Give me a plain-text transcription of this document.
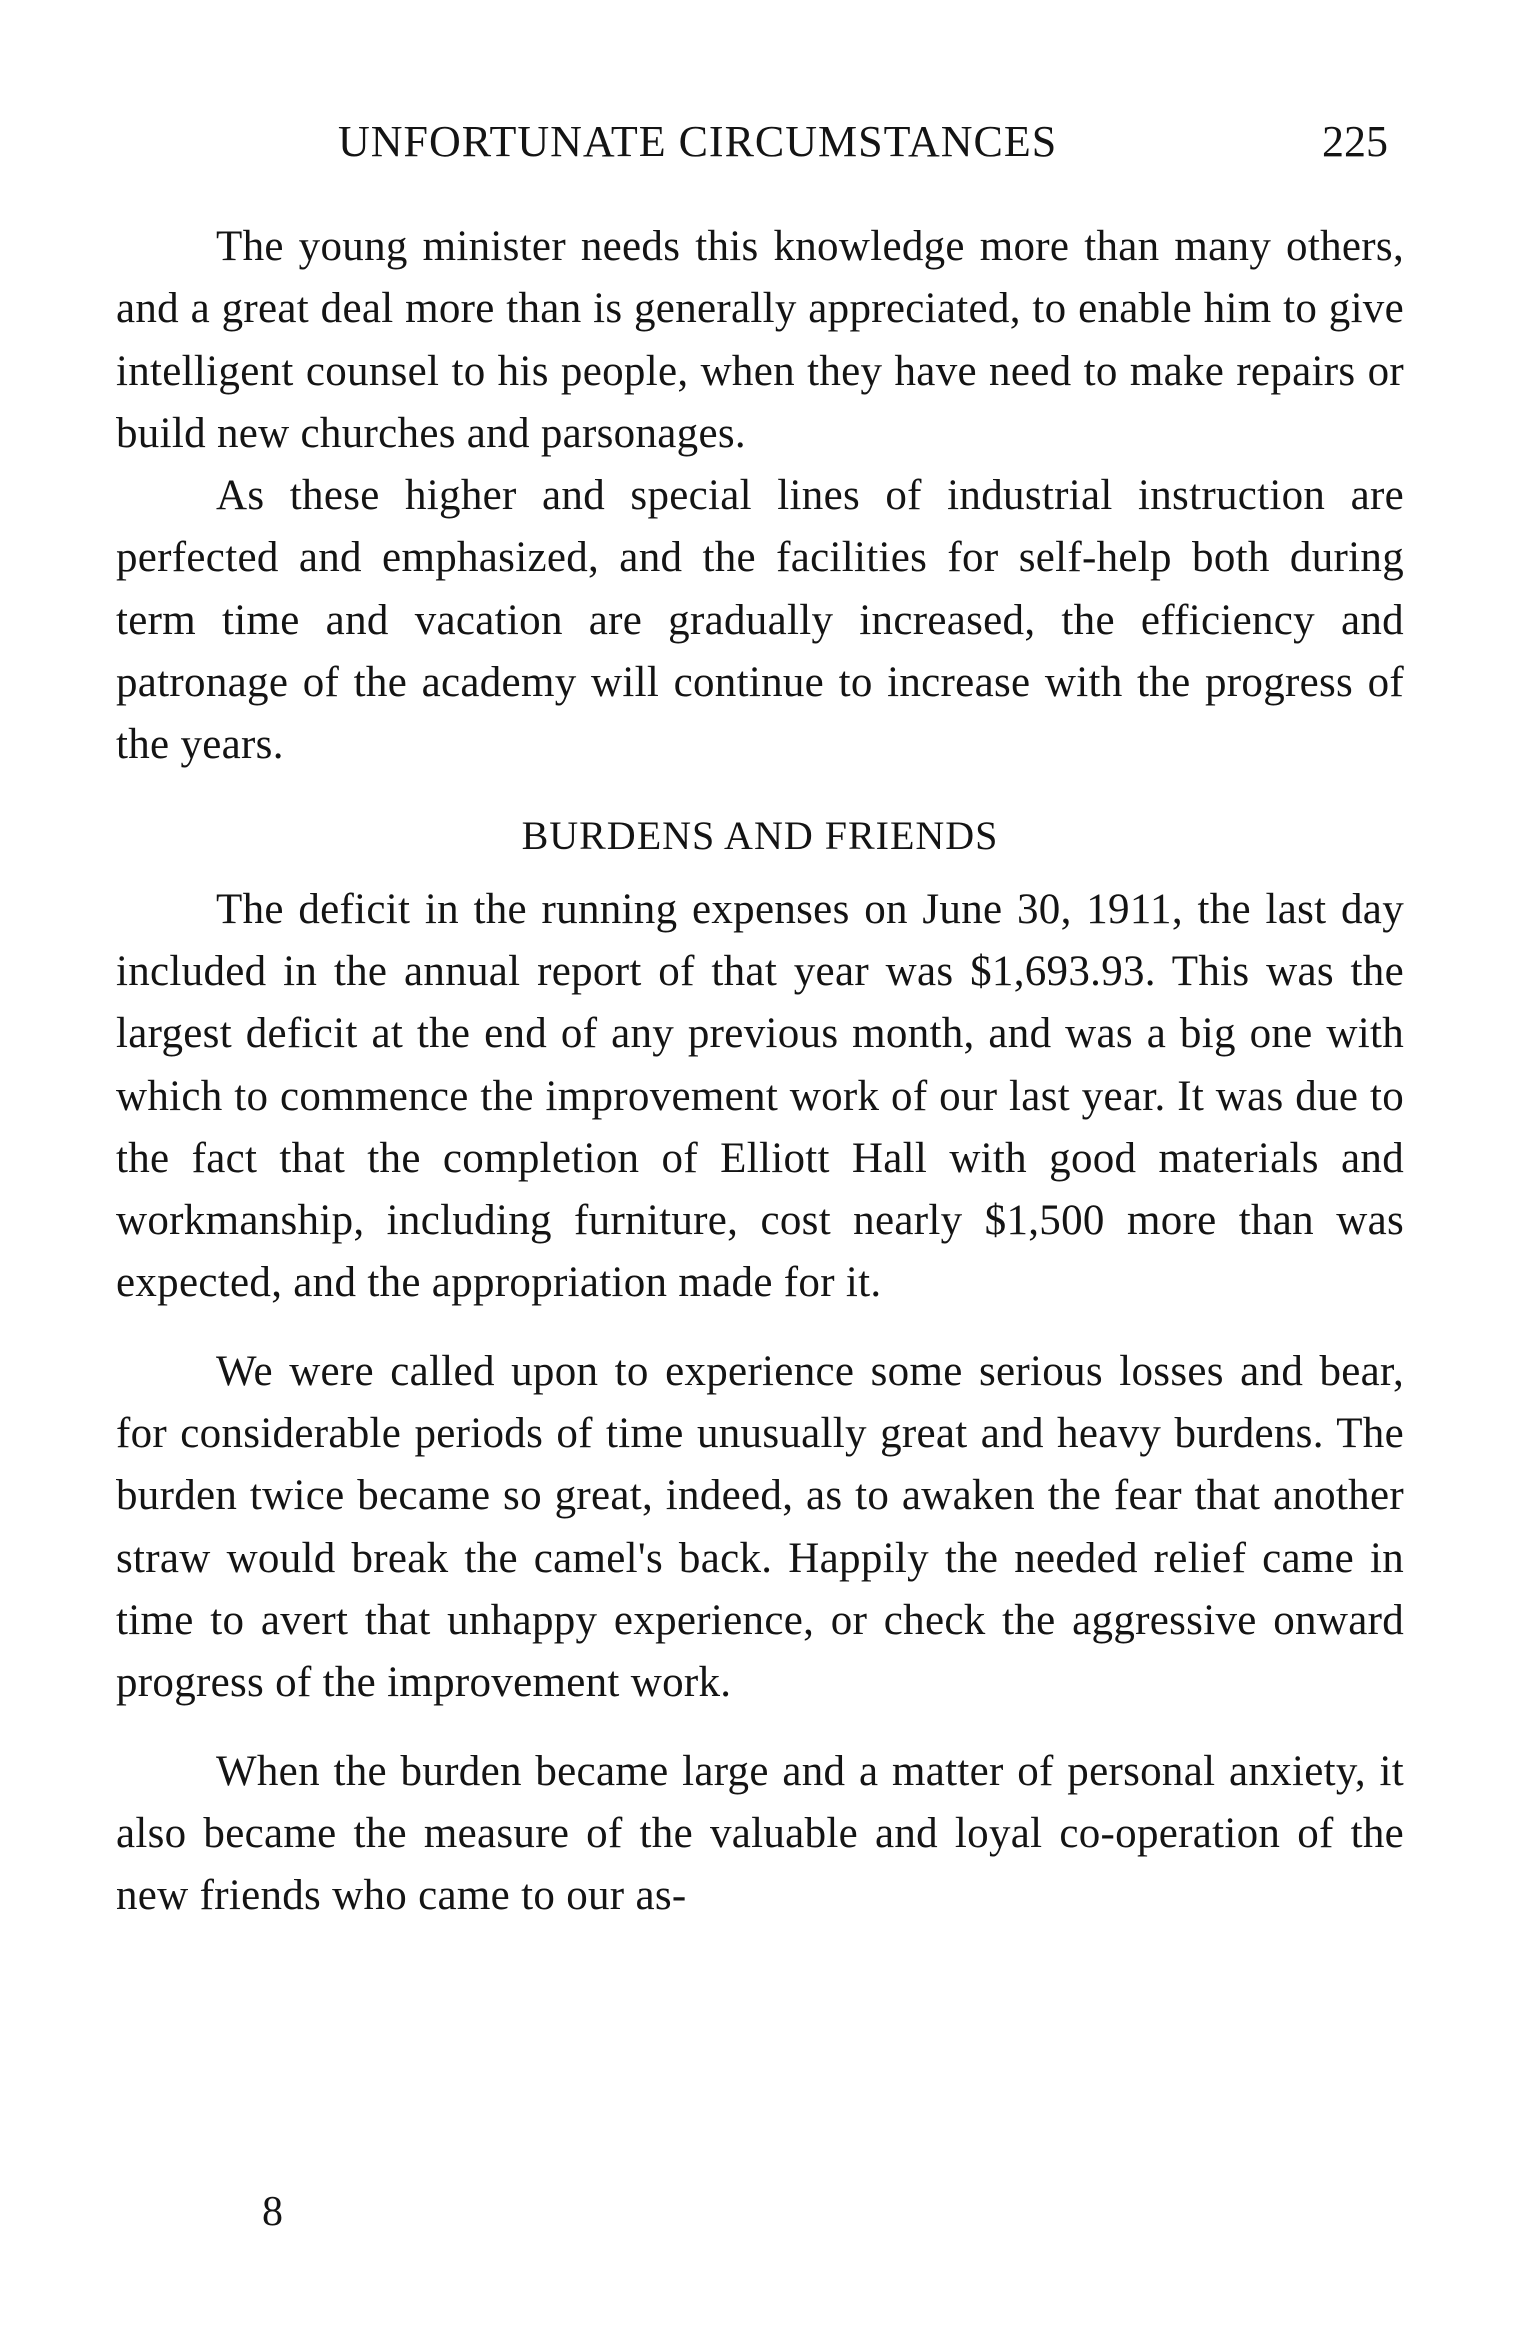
UNFORTUNATE CIRCUMSTANCES	225

The young minister needs this knowledge more than many others, and a great deal more than is generally appreciated, to enable him to give intelligent counsel to his people, when they have need to make repairs or build new churches and parsonages.

As these higher and special lines of industrial instruction are perfected and emphasized, and the facilities for self-help both during term time and vacation are gradually increased, the efficiency and patronage of the academy will continue to increase with the progress of the years.

BURDENS AND FRIENDS

The deficit in the running expenses on June 30, 1911, the last day included in the annual report of that year was $1,693.93. This was the largest deficit at the end of any previous month, and was a big one with which to commence the improvement work of our last year. It was due to the fact that the completion of Elliott Hall with good materials and workmanship, including furniture, cost nearly $1,500 more than was expected, and the appropriation made for it.

We were called upon to experience some serious losses and bear, for considerable periods of time unusually great and heavy burdens. The burden twice became so great, indeed, as to awaken the fear that another straw would break the camel's back. Happily the needed relief came in time to avert that unhappy experience, or check the aggressive onward progress of the improvement work.

When the burden became large and a matter of personal anxiety, it also became the measure of the valuable and loyal co-operation of the new friends who came to our as-

8
